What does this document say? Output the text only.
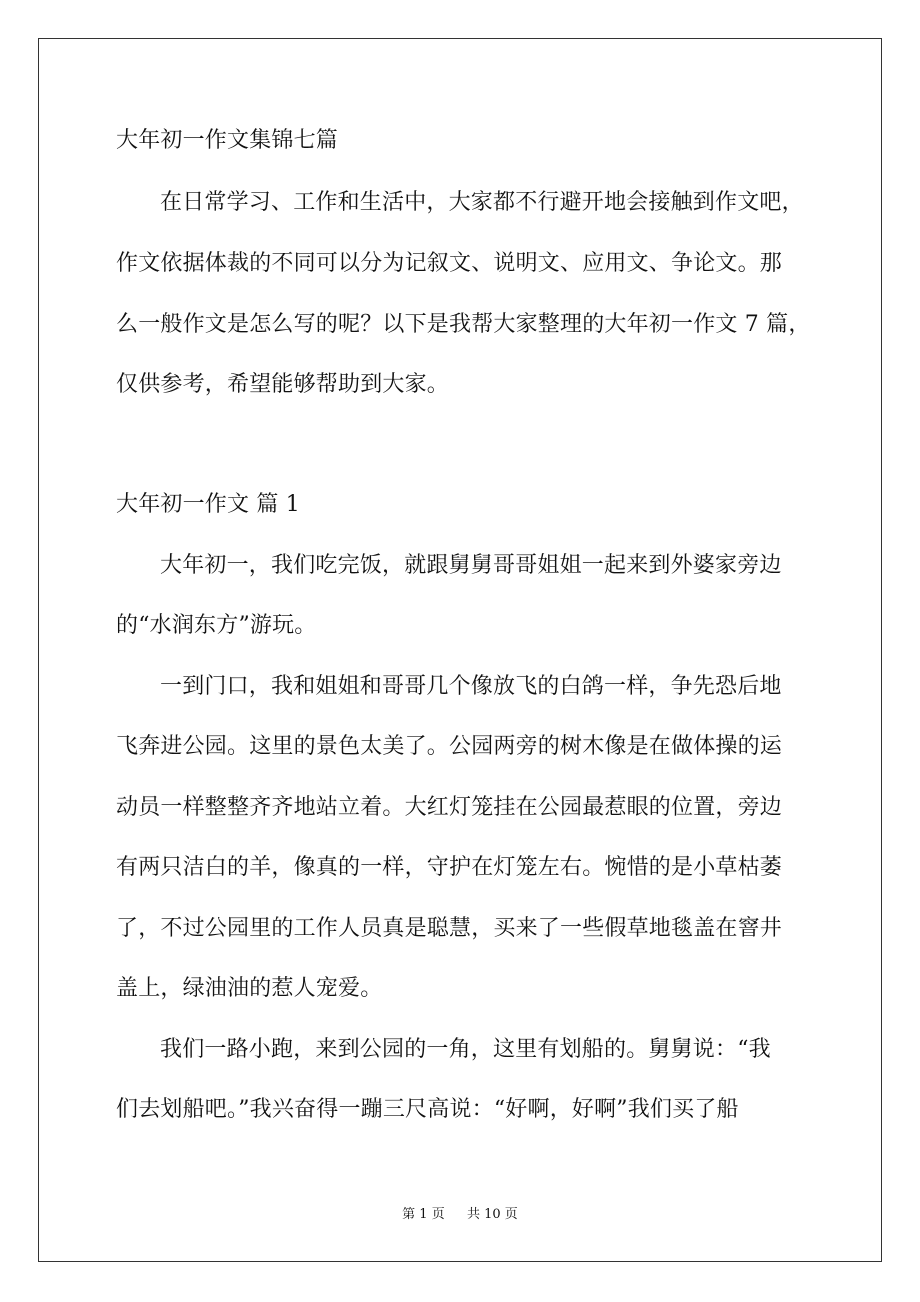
大年初一作文集锦七篇
在日常学习、工作和生活中，大家都不行避开地会接触到作文吧，
作文依据体裁的不同可以分为记叙文、说明文、应用文、争论文。那
么一般作文是怎么写的呢？以下是我帮大家整理的大年初一作文 7 篇，
仅供参考，希望能够帮助到大家。
大年初一作文 篇 1
大年初一，我们吃完饭，就跟舅舅哥哥姐姐一起来到外婆家旁边
的“水润东方”游玩。
一到门口，我和姐姐和哥哥几个像放飞的白鸽一样，争先恐后地
飞奔进公园。这里的景色太美了。公园两旁的树木像是在做体操的运
动员一样整整齐齐地站立着。大红灯笼挂在公园最惹眼的位置，旁边
有两只洁白的羊，像真的一样，守护在灯笼左右。惋惜的是小草枯萎
了，不过公园里的工作人员真是聪慧，买来了一些假草地毯盖在窨井
盖上，绿油油的惹人宠爱。
我们一路小跑，来到公园的一角，这里有划船的。舅舅说：“我
们去划船吧。”我兴奋得一蹦三尺高说：“好啊，好啊”我们买了船
第 1 页 共 10 页
